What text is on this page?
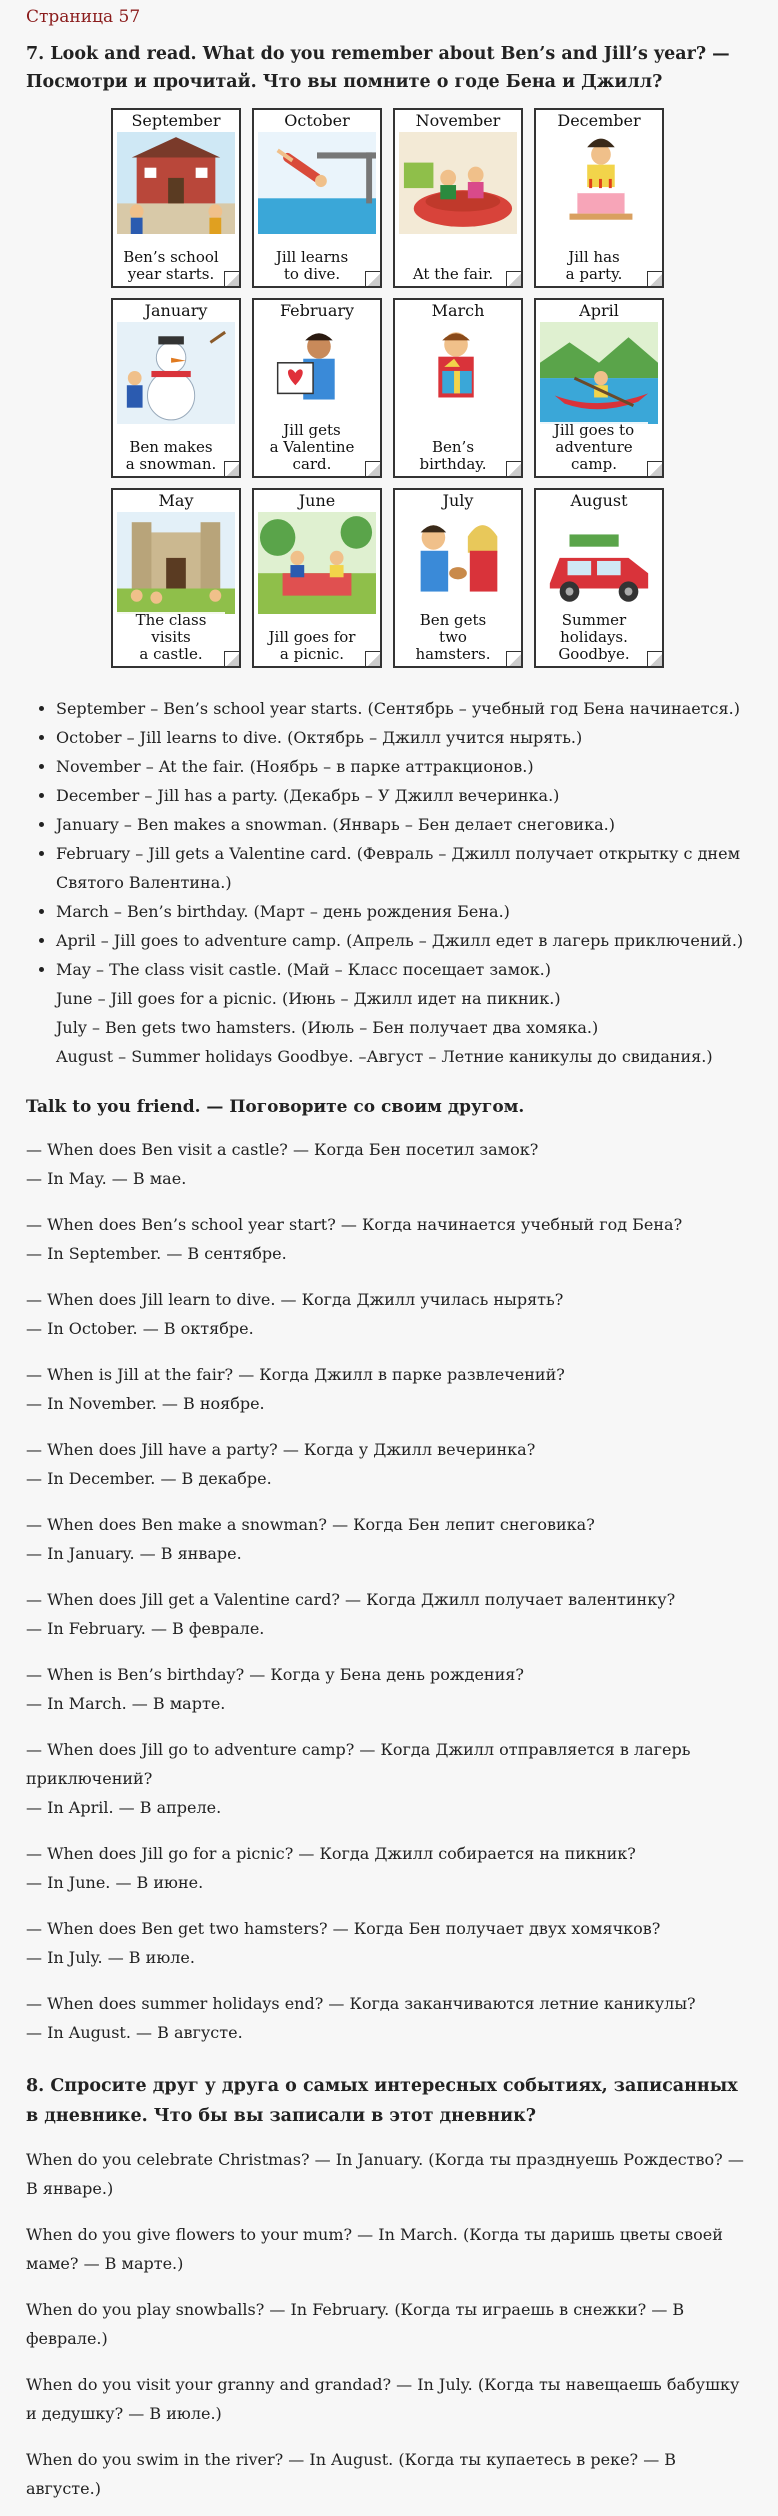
Страница 57
7. Look and read. What do you remember about Ben’s and Jill’s year? — Посмотри и прочитай. Что вы помните о годе Бена и Джилл?
September
Ben’s school
year starts.
October
Jill learns
to dive.
November
At the fair.
December
Jill has
a party.
January
Ben makes
a snowman.
February
Jill gets
a Valentine
card.
March
Ben’s
birthday.
April
Jill goes to
adventure
camp.
May
The class
visits
a castle.
June
Jill goes for
a picnic.
July
Ben gets
two
hamsters.
August
Summer
holidays.
Goodbye.
• September – Ben’s school year starts. (Сентябрь – учебный год Бена начинается.)
• October – Jill learns to dive. (Октябрь – Джилл учится нырять.)
• November – At the fair. (Ноябрь – в парке аттракционов.)
• December – Jill has a party. (Декабрь – У Джилл вечеринка.)
• January – Ben makes a snowman. (Январь – Бен делает снеговика.)
• February – Jill gets a Valentine card. (Февраль – Джилл получает открытку с днем Святого Валентина.)
• March – Ben’s birthday. (Март – день рождения Бена.)
• April – Jill goes to adventure camp. (Апрель – Джилл едет в лагерь приключений.)
• May – The class visit castle. (Май – Класс посещает замок.)
June – Jill goes for a picnic. (Июнь – Джилл идет на пикник.)
July – Ben gets two hamsters. (Июль – Бен получает два хомяка.)
August – Summer holidays Goodbye. –Август – Летние каникулы до свидания.)
Talk to you friend. — Поговорите со своим другом.

— When does Ben visit a castle? — Когда Бен посетил замок?

— In May. — В мае.

— When does Ben’s school year start? — Когда начинается учебный год Бена?

— In September. — В сентябре.

— When does Jill learn to dive. — Когда Джилл училась нырять?

— In October. — В октябре.

— When is Jill at the fair? — Когда Джилл в парке развлечений?

— In November. — В ноябре.

— When does Jill have a party? — Когда у Джилл вечеринка?

— In December. — В декабре.

— When does Ben make a snowman? — Когда Бен лепит снеговика?

— In January. — В январе.

— When does Jill get a Valentine card? — Когда Джилл получает валентинку?

— In February. — В феврале.

— When is Ben’s birthday? — Когда у Бена день рождения?

— In March. — В марте.

— When does Jill go to adventure camp? — Когда Джилл отправляется в лагерь приключений?

— In April. — В апреле.

— When does Jill go for a picnic? — Когда Джилл собирается на пикник?

— In June. — В июне.

— When does Ben get two hamsters? — Когда Бен получает двух хомячков?

— In July. — В июле.

— When does summer holidays end? — Когда заканчиваются летние каникулы?

— In August. — В августе.

8. Спросите друг у друга о самых интересных событиях, записанных в дневнике. Что бы вы записали в этот дневник?

When do you celebrate Christmas? — In January. (Когда ты празднуешь Рождество? — В январе.)

When do you give flowers to your mum? — In March. (Когда ты даришь цветы своей маме? — В марте.)

When do you play snowballs? — In February. (Когда ты играешь в снежки? — В феврале.)

When do you visit your granny and grandad? — In July. (Когда ты навещаешь бабушку и дедушку? — В июле.)

When do you swim in the river? — In August. (Когда ты купаетесь в реке? — В августе.)
